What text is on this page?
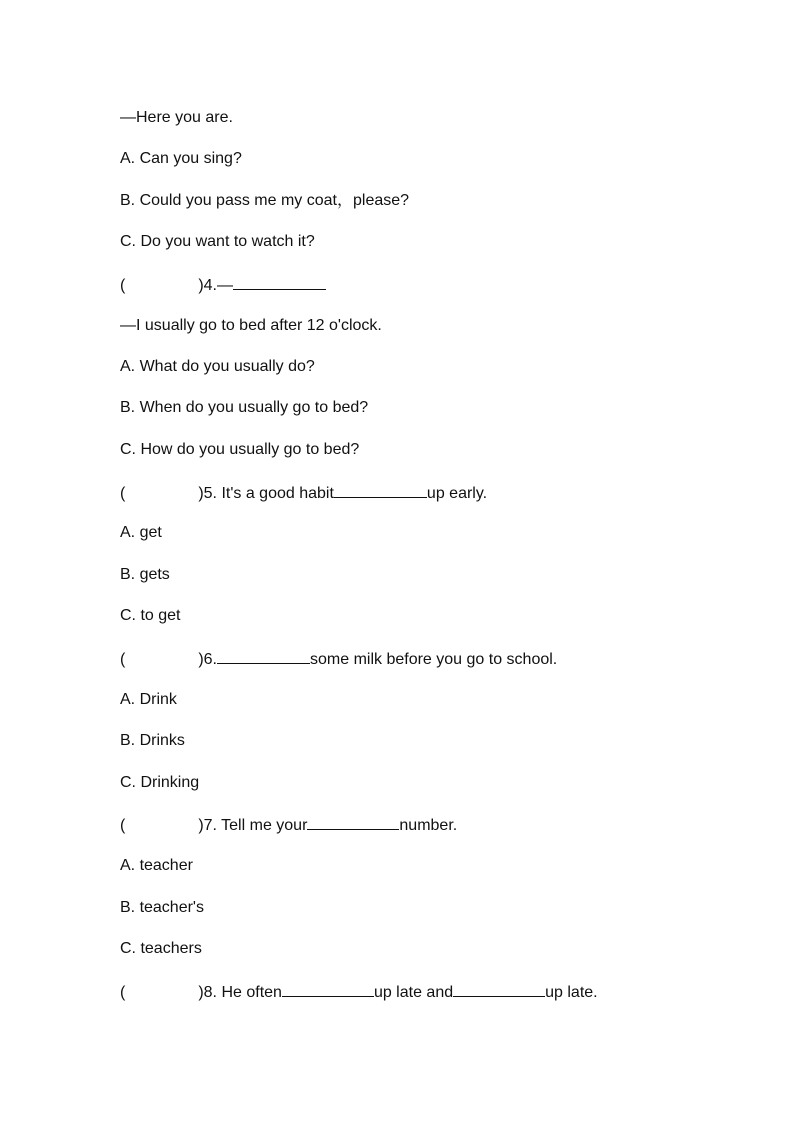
—Here you are.
A. Can you sing?
B. Could you pass me my coat，please?
C. Do you want to watch it?
(	)4.—
—I usually go to bed after 12 o'clock.
A. What do you usually do?
B. When do you usually go to bed?
C. How do you usually go to bed?
(	)5. It's a good habit	up early.
A. get
B. gets
C. to get
(	)6.	some milk before you go to school.
A. Drink
B. Drinks
C. Drinking
(	)7. Tell me your	number.
A. teacher
B. teacher's
C. teachers
(	)8. He often	up late and	up late.
